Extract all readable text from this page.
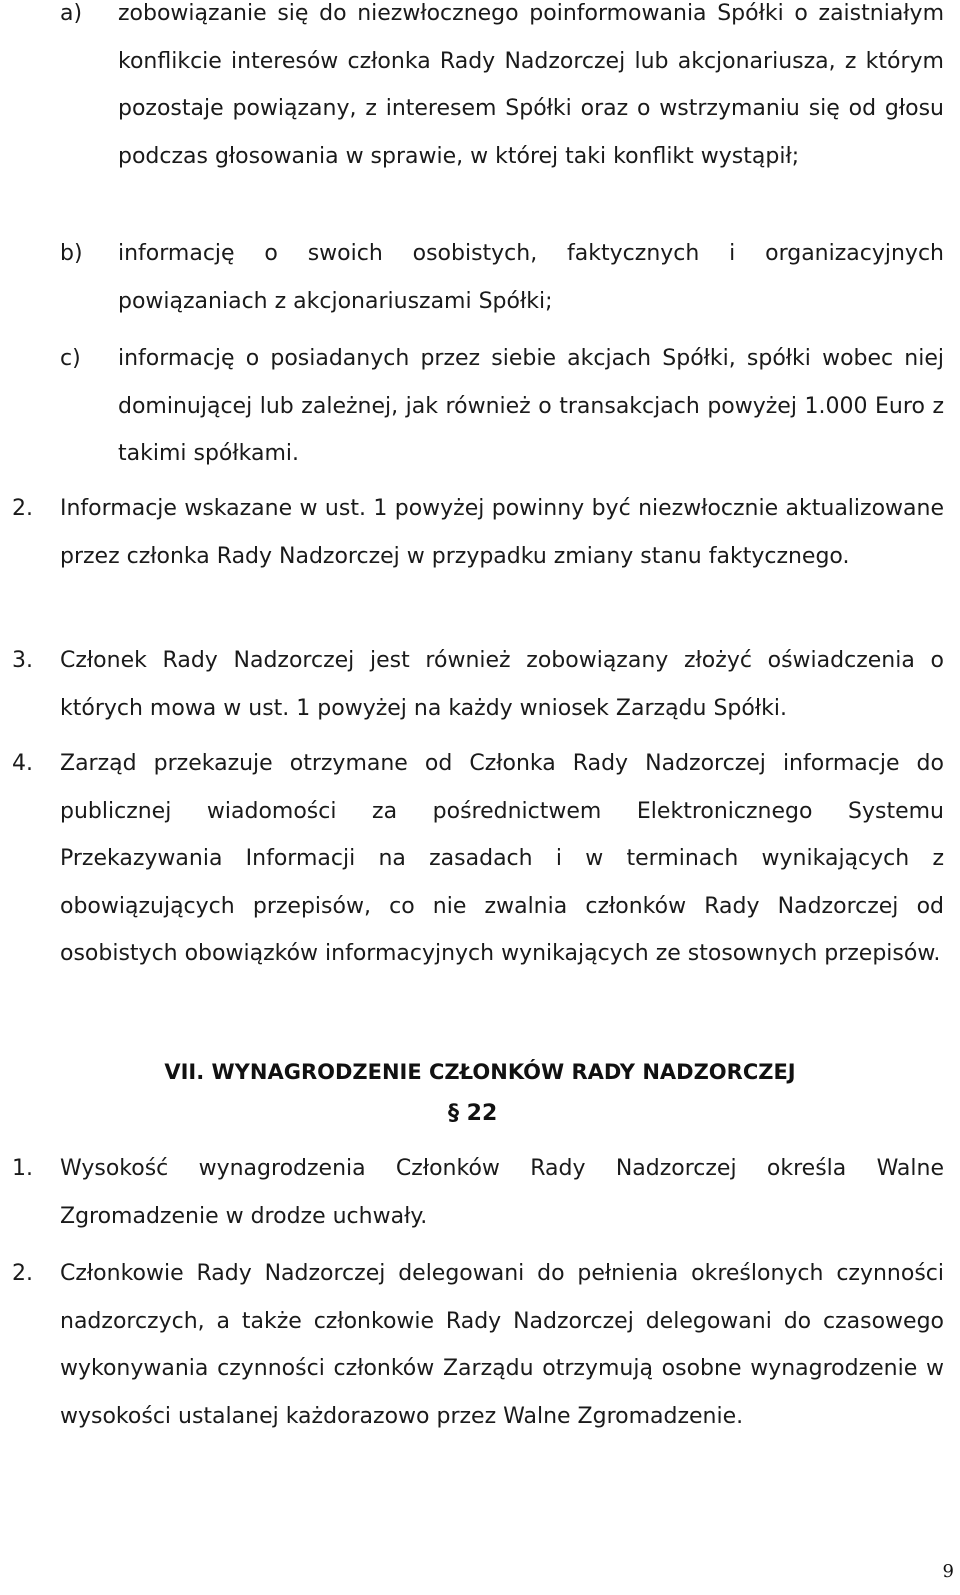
a) zobowiązanie się do niezwłocznego poinformowania Spółki o zaistniałym konflikcie interesów członka Rady Nadzorczej lub akcjonariusza, z którym pozostaje powiązany, z interesem Spółki oraz o wstrzymaniu się od głosu podczas głosowania w sprawie, w której taki konflikt wystąpił;
b) informację o swoich osobistych, faktycznych i organizacyjnych powiązaniach z akcjonariuszami Spółki;
c) informację o posiadanych przez siebie akcjach Spółki, spółki wobec niej dominującej lub zależnej, jak również o transakcjach powyżej 1.000 Euro z takimi spółkami.
2. Informacje wskazane w ust. 1 powyżej powinny być niezwłocznie aktualizowane przez członka Rady Nadzorczej w przypadku zmiany stanu faktycznego.
3. Członek Rady Nadzorczej jest również zobowiązany złożyć oświadczenia o których mowa w ust. 1 powyżej na każdy wniosek Zarządu Spółki.
4. Zarząd przekazuje otrzymane od Członka Rady Nadzorczej informacje do publicznej wiadomości za pośrednictwem Elektronicznego Systemu Przekazywania Informacji na zasadach i w terminach wynikających z obowiązujących przepisów, co nie zwalnia członków Rady Nadzorczej od osobistych obowiązków informacyjnych wynikających ze stosownych przepisów.
VII. WYNAGRODZENIE CZŁONKÓW RADY NADZORCZEJ
§ 22
1. Wysokość wynagrodzenia Członków Rady Nadzorczej określa Walne Zgromadzenie w drodze uchwały.
2. Członkowie Rady Nadzorczej delegowani do pełnienia określonych czynności nadzorczych, a także członkowie Rady Nadzorczej delegowani do czasowego wykonywania czynności członków Zarządu otrzymują osobne wynagrodzenie w wysokości ustalanej każdorazowo przez Walne Zgromadzenie.
9
